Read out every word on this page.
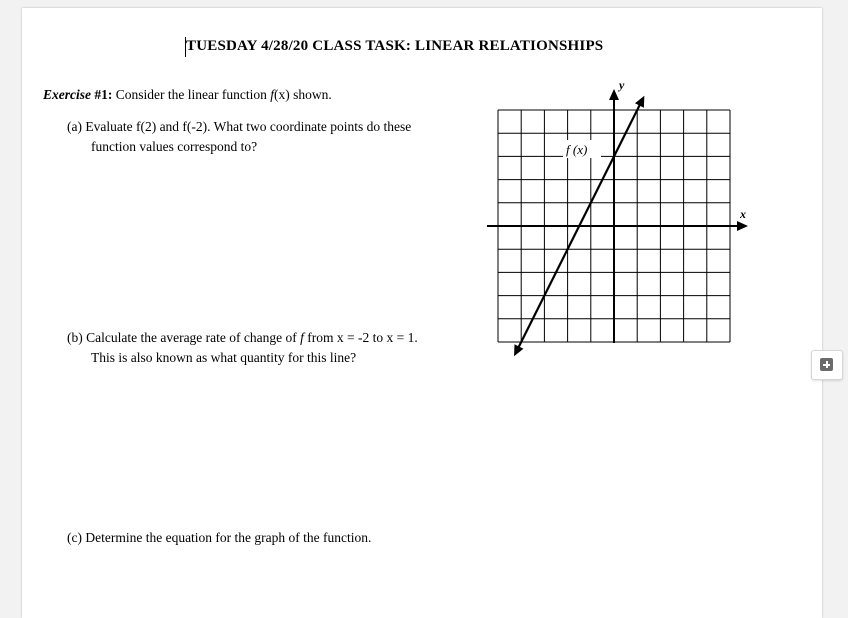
TUESDAY 4/28/20 CLASS TASK: LINEAR RELATIONSHIPS
Exercise #1: Consider the linear function f(x) shown.
(a) Evaluate f(2) and f(-2). What two coordinate points do these
function values correspond to?
(b) Calculate the average rate of change of f from x = -2 to x = 1.
This is also known as what quantity for this line?
(c) Determine the equation for the graph of the function.
f (x)
y
x
